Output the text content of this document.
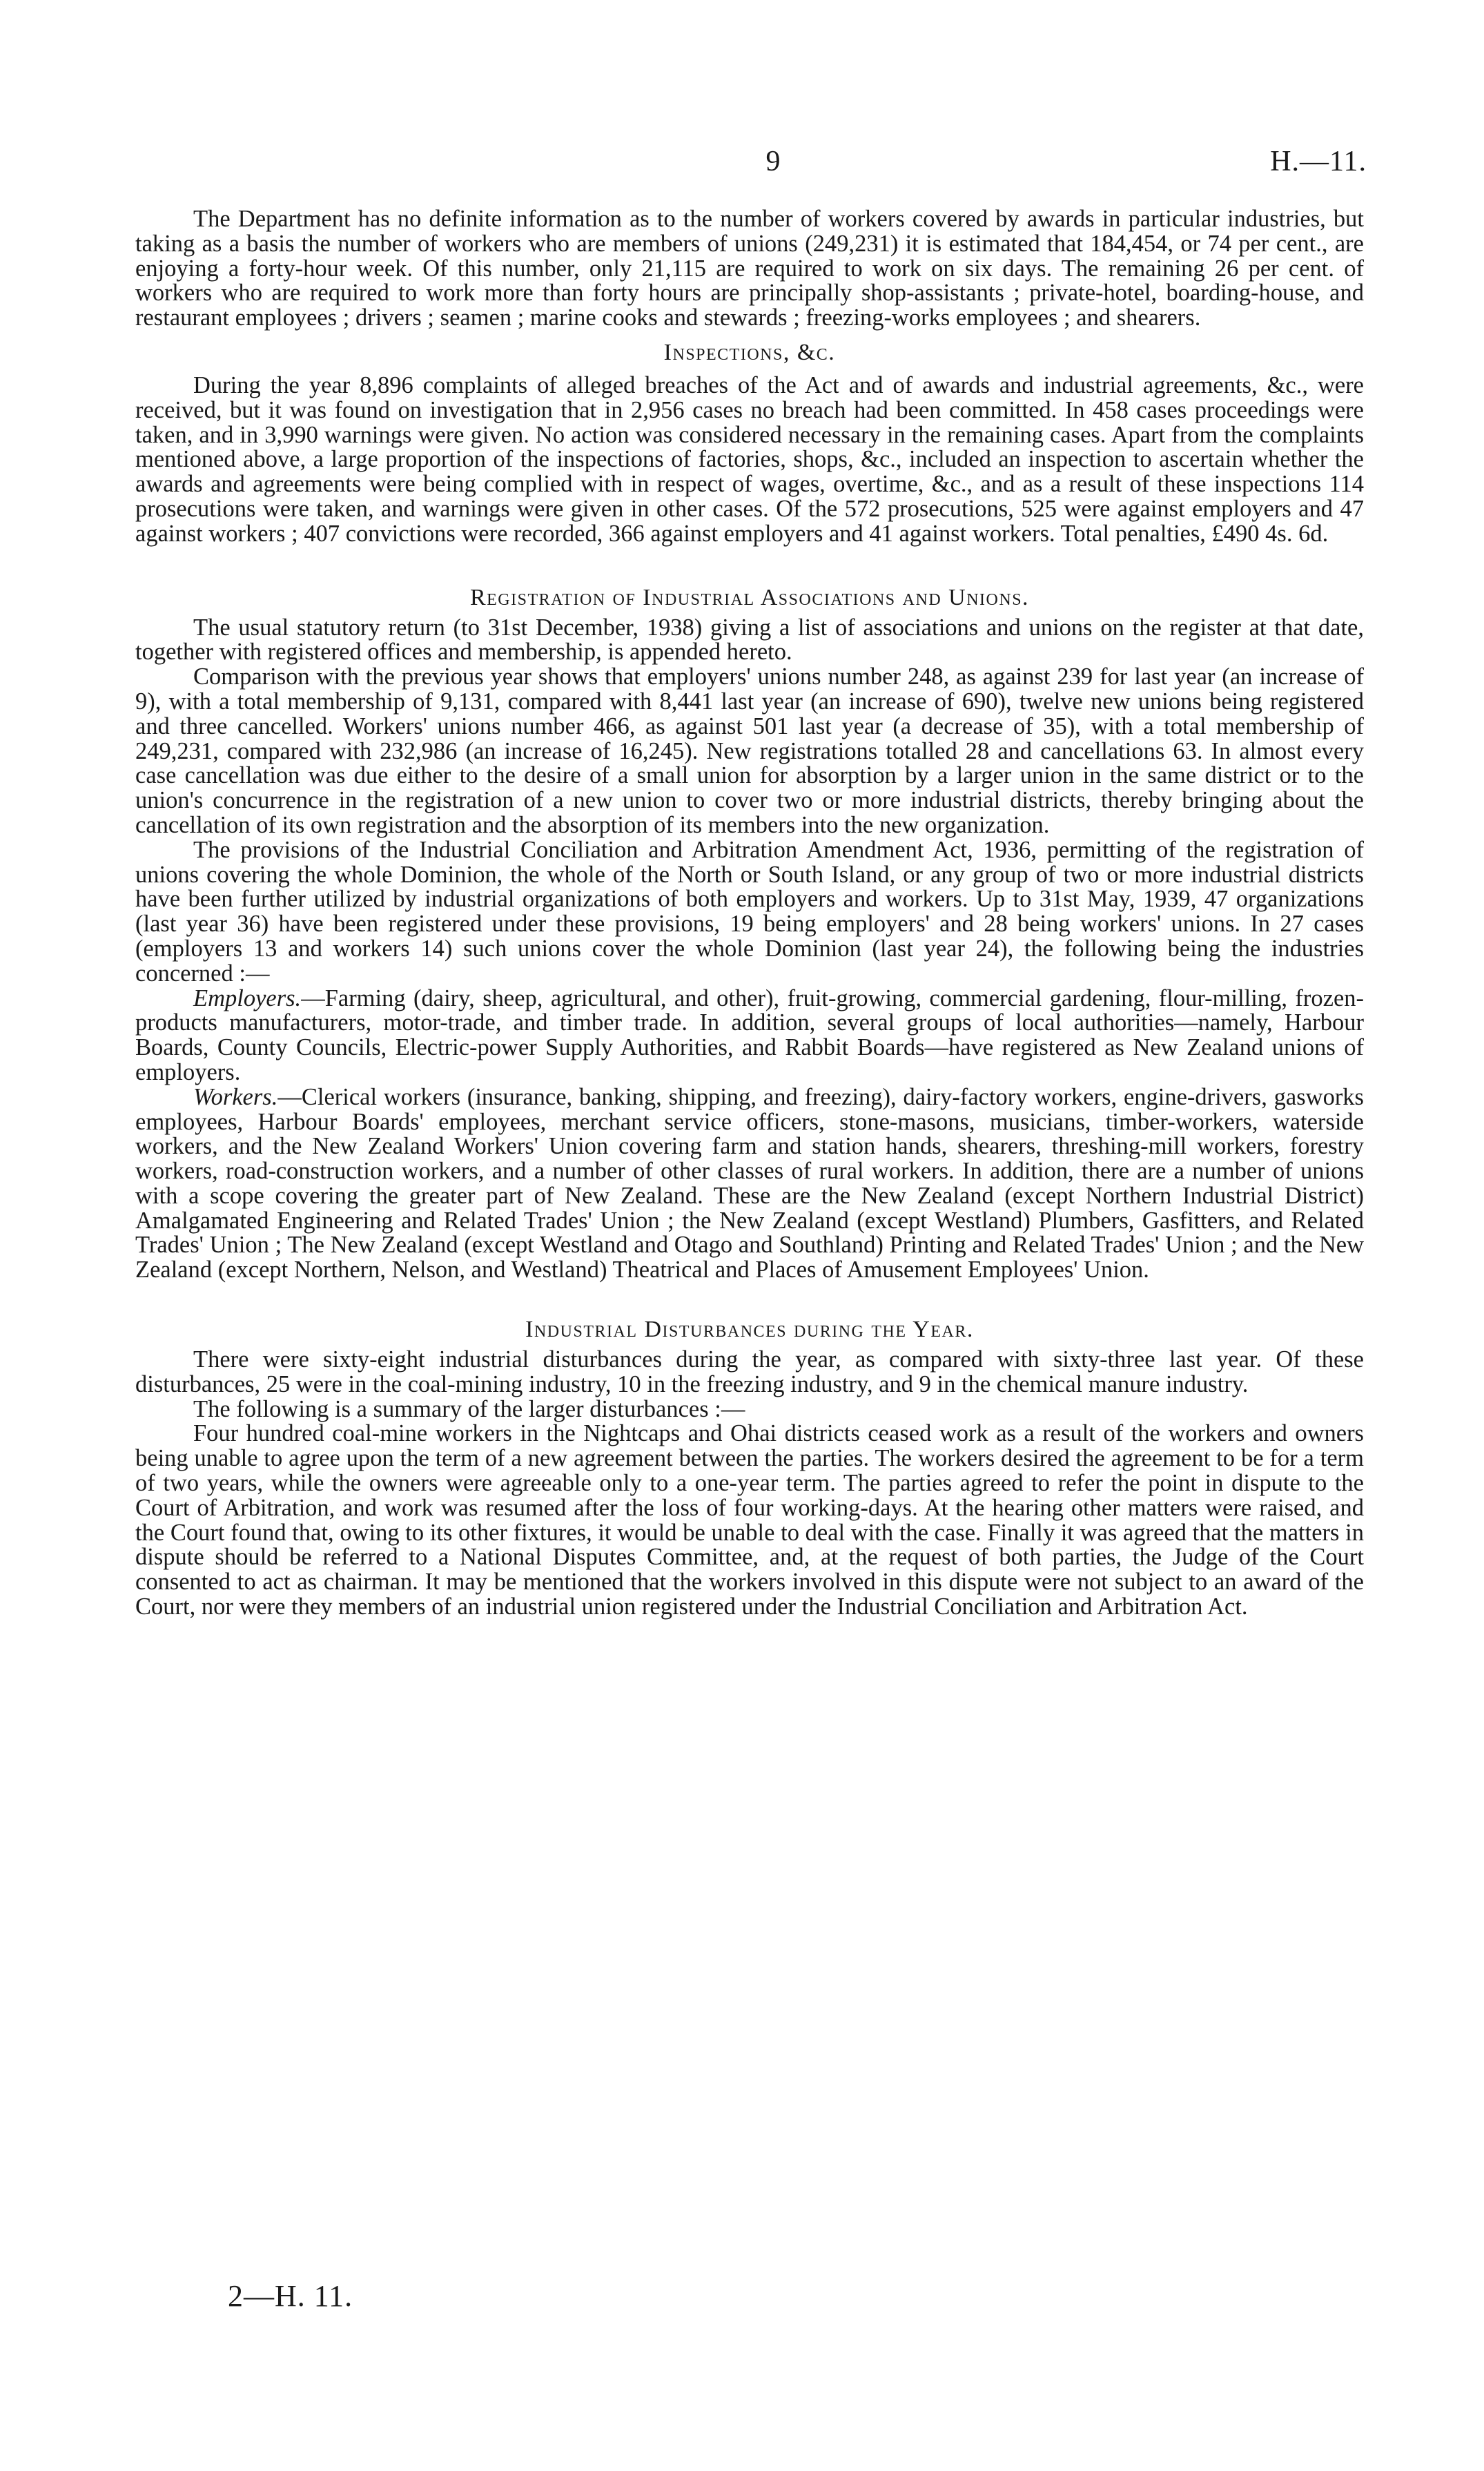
9	H.—11.

The Department has no definite information as to the number of workers covered by awards in particular industries, but taking as a basis the number of workers who are members of unions (249,231) it is estimated that 184,454, or 74 per cent., are enjoying a forty-hour week. Of this number, only 21,115 are required to work on six days. The remaining 26 per cent. of workers who are required to work more than forty hours are principally shop-assistants ; private-hotel, boarding-house, and restaurant employees ; drivers ; seamen ; marine cooks and stewards ; freezing-works employees ; and shearers.

Inspections, &c.

During the year 8,896 complaints of alleged breaches of the Act and of awards and industrial agreements, &c., were received, but it was found on investigation that in 2,956 cases no breach had been committed. In 458 cases proceedings were taken, and in 3,990 warnings were given. No action was considered necessary in the remaining cases. Apart from the complaints mentioned above, a large proportion of the inspections of factories, shops, &c., included an inspection to ascertain whether the awards and agreements were being complied with in respect of wages, overtime, &c., and as a result of these inspections 114 prosecutions were taken, and warnings were given in other cases. Of the 572 prosecutions, 525 were against employers and 47 against workers ; 407 convictions were recorded, 366 against employers and 41 against workers. Total penalties, £490 4s. 6d.

Registration of Industrial Associations and Unions.

The usual statutory return (to 31st December, 1938) giving a list of associations and unions on the register at that date, together with registered offices and membership, is appended hereto.

Comparison with the previous year shows that employers' unions number 248, as against 239 for last year (an increase of 9), with a total membership of 9,131, compared with 8,441 last year (an increase of 690), twelve new unions being registered and three cancelled. Workers' unions number 466, as against 501 last year (a decrease of 35), with a total membership of 249,231, compared with 232,986 (an increase of 16,245). New registrations totalled 28 and cancellations 63. In almost every case cancellation was due either to the desire of a small union for absorption by a larger union in the same district or to the union's concurrence in the registration of a new union to cover two or more industrial districts, thereby bringing about the cancellation of its own registration and the absorption of its members into the new organization.

The provisions of the Industrial Conciliation and Arbitration Amendment Act, 1936, permitting of the registration of unions covering the whole Dominion, the whole of the North or South Island, or any group of two or more industrial districts have been further utilized by industrial organizations of both employers and workers. Up to 31st May, 1939, 47 organizations (last year 36) have been registered under these provisions, 19 being employers' and 28 being workers' unions. In 27 cases (employers 13 and workers 14) such unions cover the whole Dominion (last year 24), the following being the industries concerned :—

Employers.—Farming (dairy, sheep, agricultural, and other), fruit-growing, commercial gardening, flour-milling, frozen-products manufacturers, motor-trade, and timber trade. In addition, several groups of local authorities—namely, Harbour Boards, County Councils, Electric-power Supply Authorities, and Rabbit Boards—have registered as New Zealand unions of employers.

Workers.—Clerical workers (insurance, banking, shipping, and freezing), dairy-factory workers, engine-drivers, gasworks employees, Harbour Boards' employees, merchant service officers, stone-masons, musicians, timber-workers, waterside workers, and the New Zealand Workers' Union covering farm and station hands, shearers, threshing-mill workers, forestry workers, road-construction workers, and a number of other classes of rural workers. In addition, there are a number of unions with a scope covering the greater part of New Zealand. These are the New Zealand (except Northern Industrial District) Amalgamated Engineering and Related Trades' Union ; the New Zealand (except Westland) Plumbers, Gasfitters, and Related Trades' Union ; The New Zealand (except Westland and Otago and Southland) Printing and Related Trades' Union ; and the New Zealand (except Northern, Nelson, and Westland) Theatrical and Places of Amusement Employees' Union.

Industrial Disturbances during the Year.

There were sixty-eight industrial disturbances during the year, as compared with sixty-three last year. Of these disturbances, 25 were in the coal-mining industry, 10 in the freezing industry, and 9 in the chemical manure industry.

The following is a summary of the larger disturbances :—

Four hundred coal-mine workers in the Nightcaps and Ohai districts ceased work as a result of the workers and owners being unable to agree upon the term of a new agreement between the parties. The workers desired the agreement to be for a term of two years, while the owners were agreeable only to a one-year term. The parties agreed to refer the point in dispute to the Court of Arbitration, and work was resumed after the loss of four working-days. At the hearing other matters were raised, and the Court found that, owing to its other fixtures, it would be unable to deal with the case. Finally it was agreed that the matters in dispute should be referred to a National Disputes Committee, and, at the request of both parties, the Judge of the Court consented to act as chairman. It may be mentioned that the workers involved in this dispute were not subject to an award of the Court, nor were they members of an industrial union registered under the Industrial Conciliation and Arbitration Act.

2—H. 11.
